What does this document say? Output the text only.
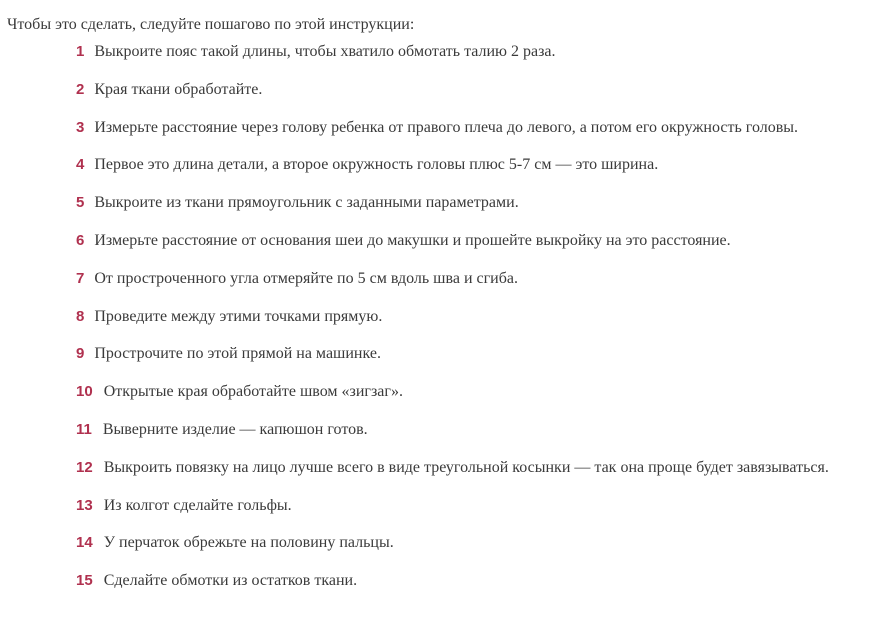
Чтобы это сделать, следуйте пошагово по этой инструкции:

1 Выкроите пояс такой длины, чтобы хватило обмотать талию 2 раза.
2 Края ткани обработайте.
3 Измерьте расстояние через голову ребенка от правого плеча до левого, а потом его окружность головы.
4 Первое это длина детали, а второе окружность головы плюс 5-7 см — это ширина.
5 Выкроите из ткани прямоугольник с заданными параметрами.
6 Измерьте расстояние от основания шеи до макушки и прошейте выкройку на это расстояние.
7 От простроченного угла отмеряйте по 5 см вдоль шва и сгиба.
8 Проведите между этими точками прямую.
9 Прострочите по этой прямой на машинке.
10 Открытые края обработайте швом «зигзаг».
11 Выверните изделие — капюшон готов.
12 Выкроить повязку на лицо лучше всего в виде треугольной косынки — так она проще будет завязываться.
13 Из колгот сделайте гольфы.
14 У перчаток обрежьте на половину пальцы.
15 Сделайте обмотки из остатков ткани.
